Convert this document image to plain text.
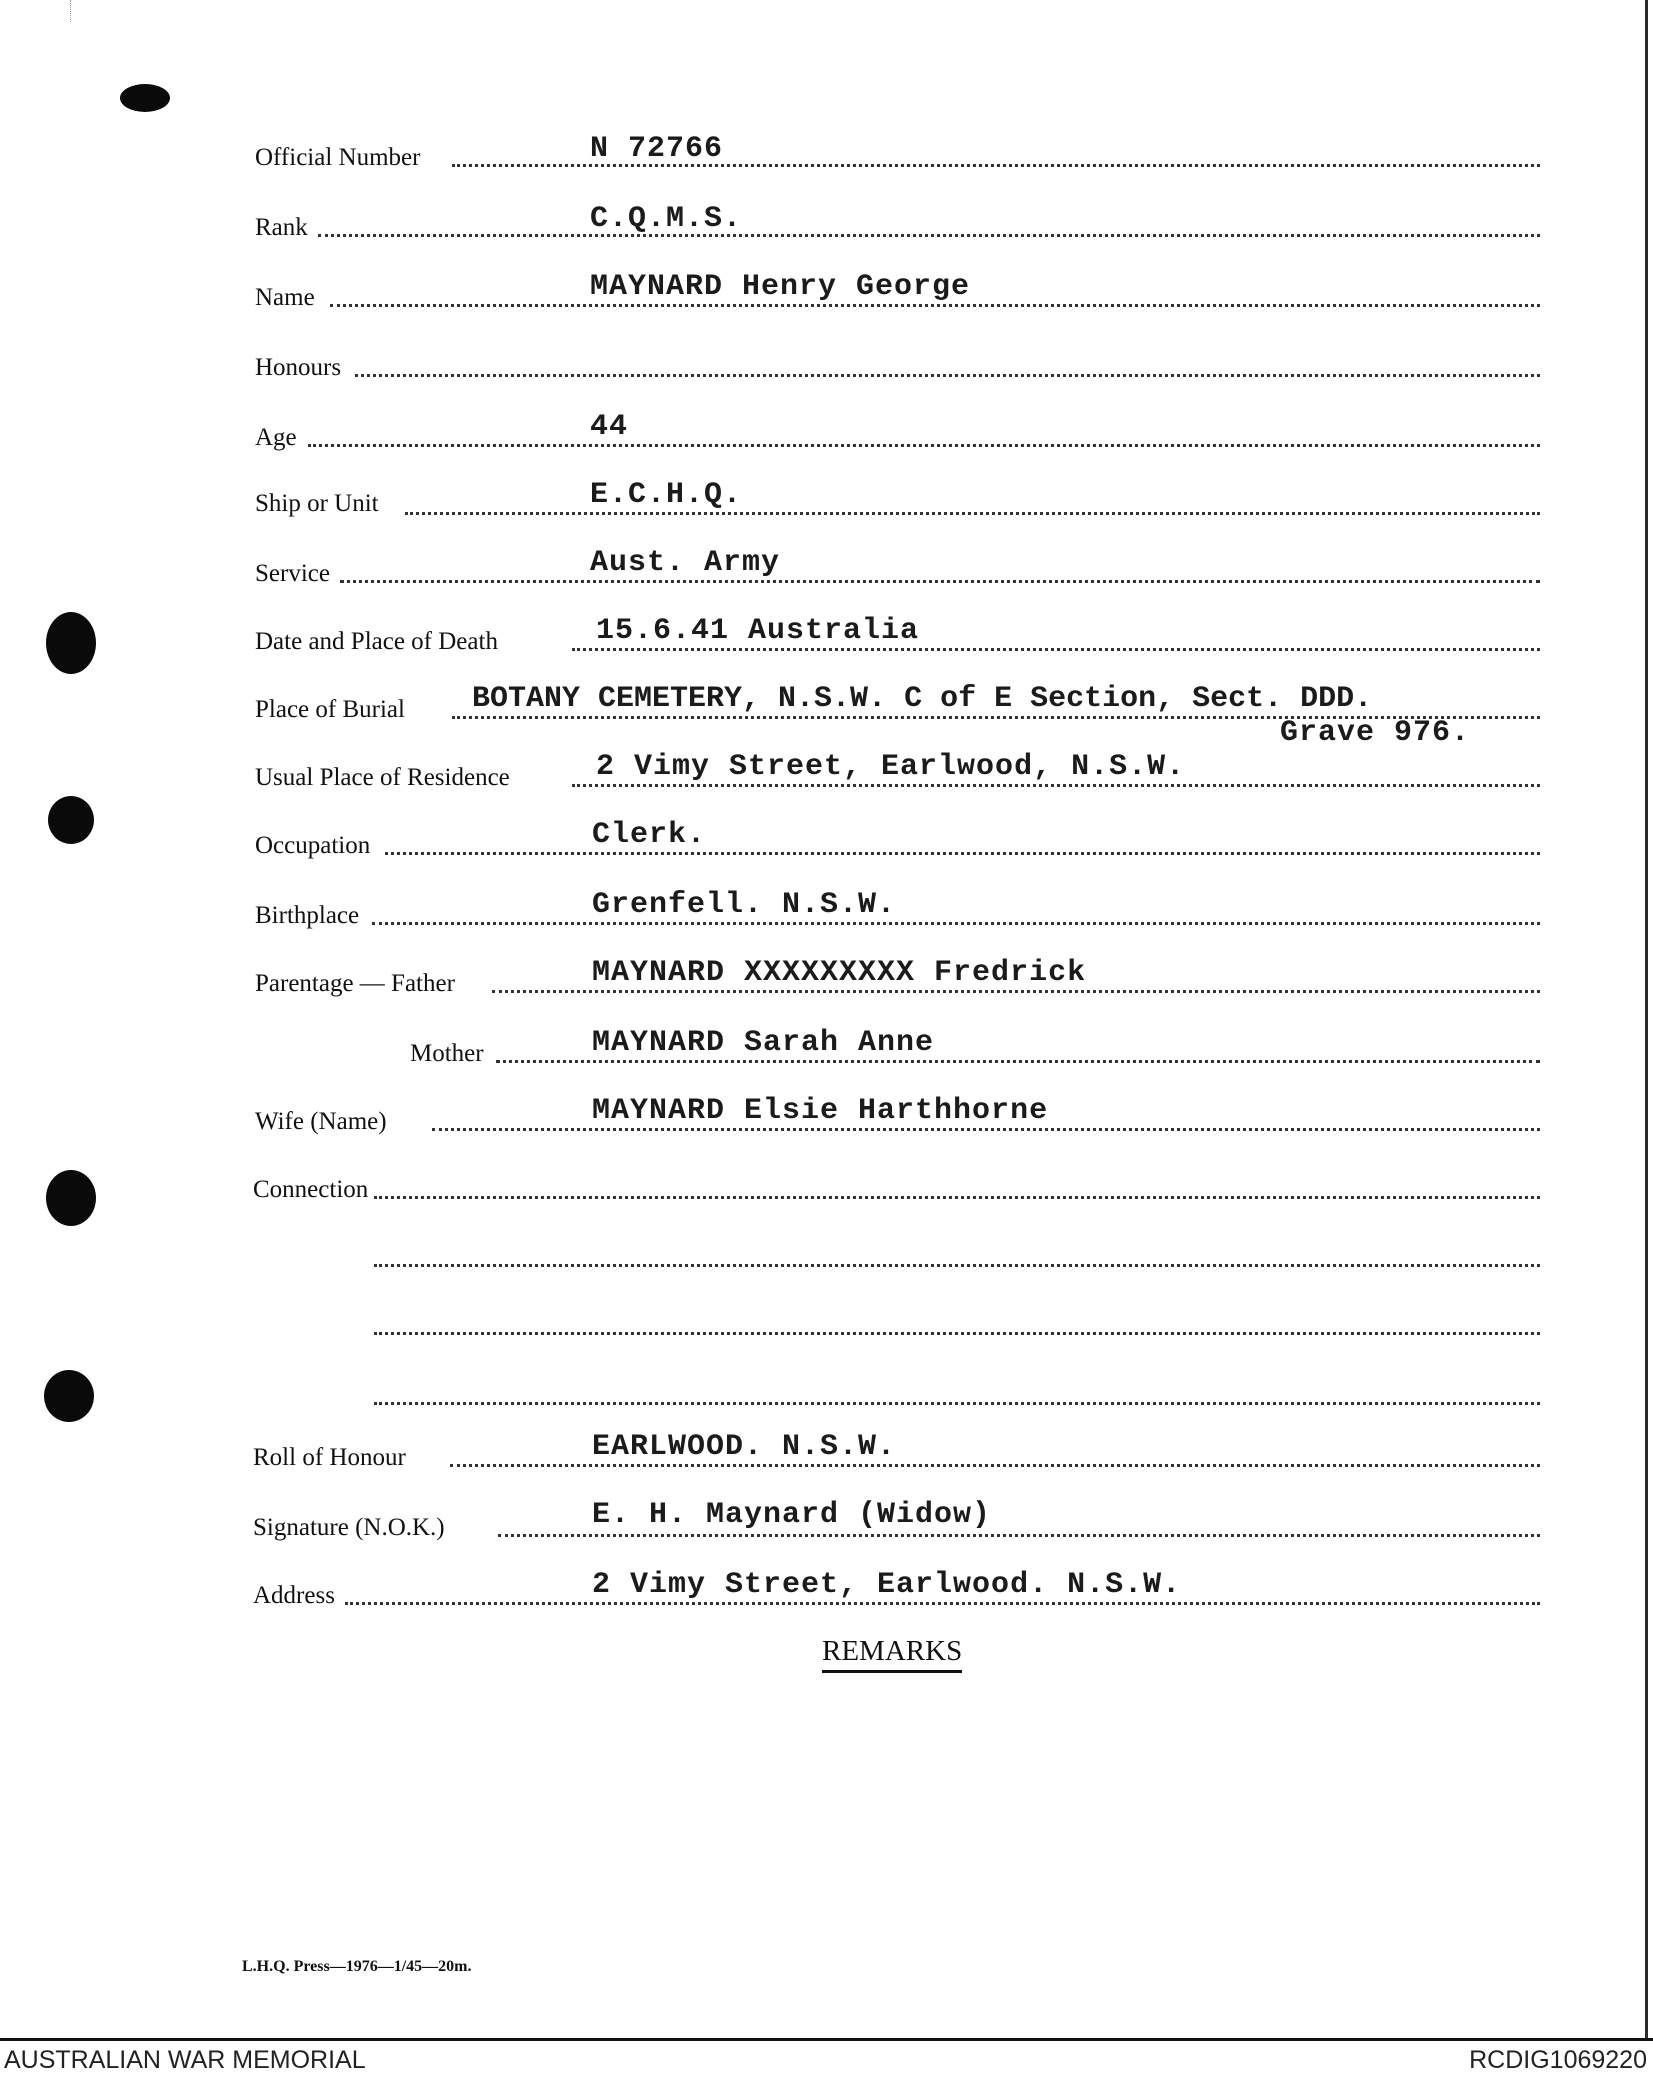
Official Number	N 72766
Rank	C.Q.M.S.
Name	MAYNARD Henry George
Honours
Age	44
Ship or Unit	E.C.H.Q.
Service	Aust. Army
Date and Place of Death	15.6.41 Australia
Place of Burial BOTANY CEMETERY, N.S.W. C of E Section, Sect. DDD.
Grave 976.
Usual Place of Residence	2 Vimy Street, Earlwood, N.S.W.
Occupation	Clerk.
Birthplace	Grenfell. N.S.W.
Parentage — Father	MAYNARD XXXXXXXXX Fredrick
Mother	MAYNARD Sarah Anne
Wife (Name)	MAYNARD Elsie Harthhorne
Connection
Roll of Honour	EARLWOOD. N.S.W.
Signature (N.O.K.)	E. H. Maynard (Widow)
Address	2 Vimy Street, Earlwood. N.S.W.
REMARKS
L.H.Q. Press—1976—1/45—20m.
AUSTRALIAN WAR MEMORIAL	RCDIG1069220
